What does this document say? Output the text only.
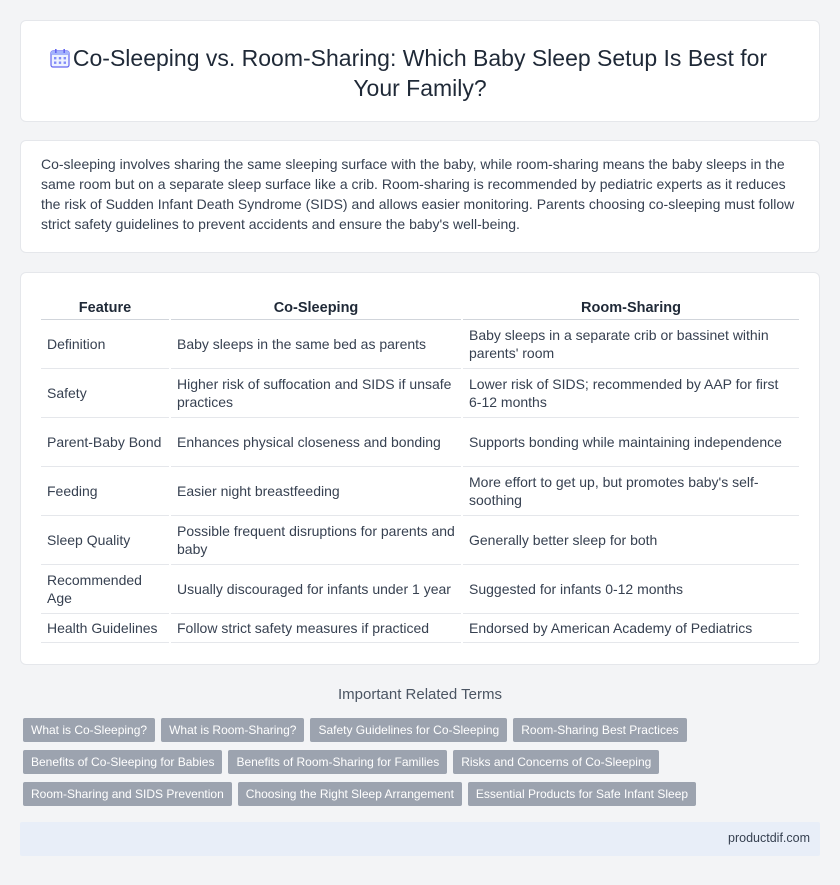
Co-Sleeping vs. Room-Sharing: Which Baby Sleep Setup Is Best for Your Family?

Co-sleeping involves sharing the same sleeping surface with the baby, while room-sharing means the baby sleeps in the same room but on a separate sleep surface like a crib. Room-sharing is recommended by pediatric experts as it reduces the risk of Sudden Infant Death Syndrome (SIDS) and allows easier monitoring. Parents choosing co-sleeping must follow strict safety guidelines to prevent accidents and ensure the baby's well-being.

Feature	Co-Sleeping	Room-Sharing
Definition	Baby sleeps in the same bed as parents	Baby sleeps in a separate crib or bassinet within parents' room
Safety	Higher risk of suffocation and SIDS if unsafe practices	Lower risk of SIDS; recommended by AAP for first 6-12 months
Parent-Baby Bond	Enhances physical closeness and bonding	Supports bonding while maintaining independence
Feeding	Easier night breastfeeding	More effort to get up, but promotes baby's self-soothing
Sleep Quality	Possible frequent disruptions for parents and baby	Generally better sleep for both
Recommended Age	Usually discouraged for infants under 1 year	Suggested for infants 0-12 months
Health Guidelines	Follow strict safety measures if practiced	Endorsed by American Academy of Pediatrics
Important Related Terms
What is Co-Sleeping? What is Room-Sharing? Safety Guidelines for Co-Sleeping Room-Sharing Best Practices
Benefits of Co-Sleeping for Babies Benefits of Room-Sharing for Families Risks and Concerns of Co-Sleeping
Room-Sharing and SIDS Prevention Choosing the Right Sleep Arrangement Essential Products for Safe Infant Sleep
productdif.com
